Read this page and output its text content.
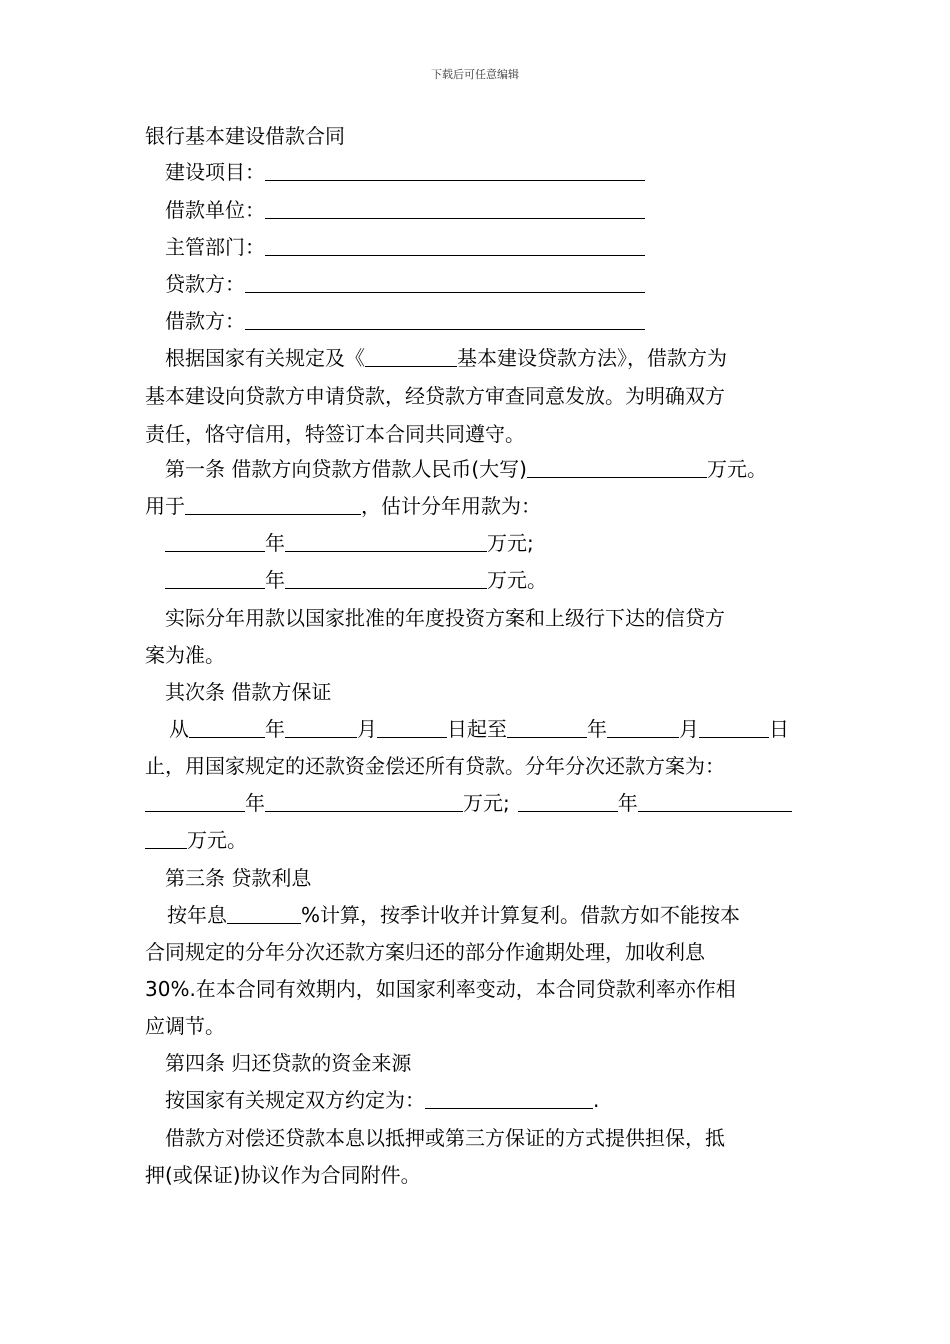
下载后可任意编辑
银行基本建设借款合同
建设项目：
借款单位：
主管部门：
贷款方：
借款方：
根据国家有关规定及《	基本建设贷款方法》，借款方为
基本建设向贷款方申请贷款，经贷款方审查同意发放。为明确双方
责任，恪守信用，特签订本合同共同遵守。
第一条 借款方向贷款方借款人民币(大写)	万元。
用于	，估计分年用款为：
年	万元;
年	万元。
实际分年用款以国家批准的年度投资方案和上级行下达的信贷方
案为准。
其次条 借款方保证
从	年	月	日起至	年	月	日
止，用国家规定的还款资金偿还所有贷款。分年分次还款方案为：
年	万元;	年
万元。
第三条 贷款利息
按年息	%计算，按季计收并计算复利。借款方如不能按本
合同规定的分年分次还款方案归还的部分作逾期处理，加收利息
30%.在本合同有效期内，如国家利率变动，本合同贷款利率亦作相
应调节。
第四条 归还贷款的资金来源
按国家有关规定双方约定为：	.
借款方对偿还贷款本息以抵押或第三方保证的方式提供担保，抵
押(或保证)协议作为合同附件。
